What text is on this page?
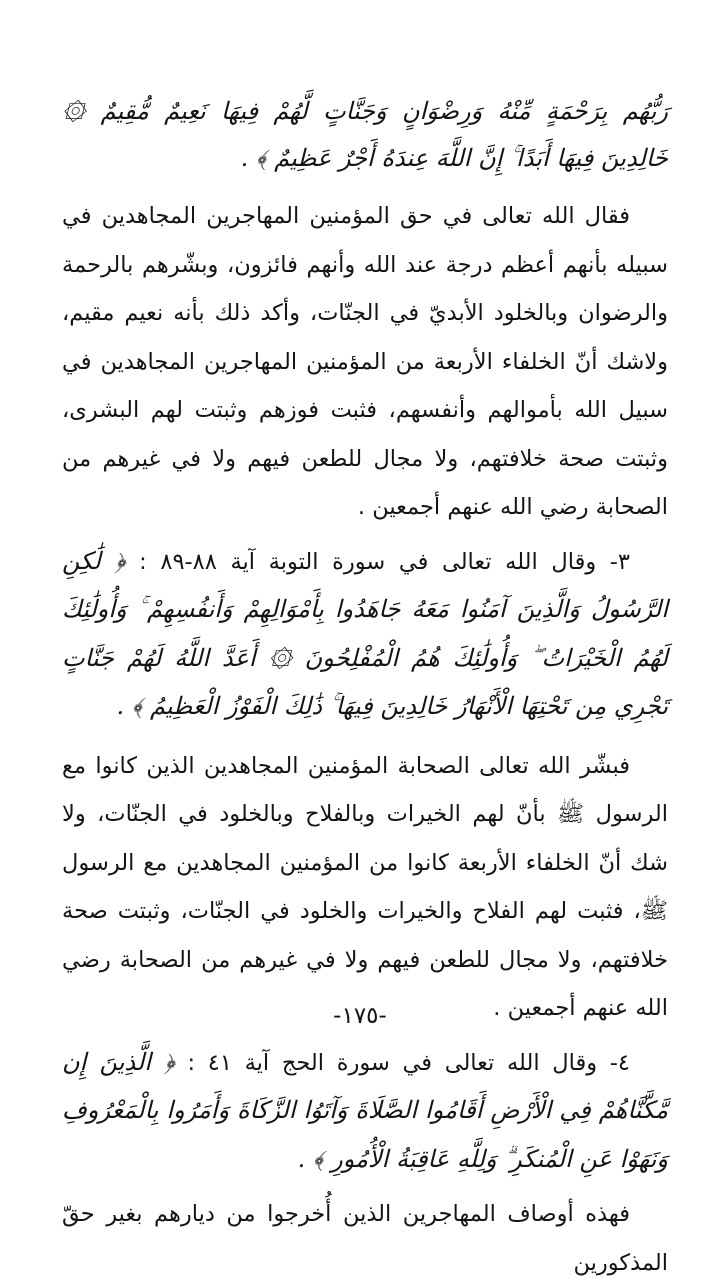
رَبُّهُم بِرَحْمَةٍ مِّنْهُ وَرِضْوَانٍ وَجَنَّاتٍ لَّهُمْ فِيهَا نَعِيمٌ مُّقِيمٌ ۞ خَالِدِينَ فِيهَا أَبَدًا ۚ إِنَّ اللَّهَ عِندَهُ أَجْرٌ عَظِيمٌ ﴾ .

فقال الله تعالى في حق المؤمنين المهاجرين المجاهدين في سبيله بأنهم أعظم درجة عند الله وأنهم فائزون، وبشّرهم بالرحمة والرضوان وبالخلود الأبديّ في الجنّات، وأكد ذلك بأنه نعيم مقيم، ولاشك أنّ الخلفاء الأربعة من المؤمنين المهاجرين المجاهدين في سبيل الله بأموالهم وأنفسهم، فثبت فوزهم وثبتت لهم البشرى، وثبتت صحة خلافتهم، ولا مجال للطعن فيهم ولا في غيرهم من الصحابة رضي الله عنهم أجمعين .

٣- وقال الله تعالى في سورة التوبة آية ٨٨-٨٩ : ﴿ لَٰكِنِ الرَّسُولُ وَالَّذِينَ آمَنُوا مَعَهُ جَاهَدُوا بِأَمْوَالِهِمْ وَأَنفُسِهِمْ ۚ وَأُولَٰئِكَ لَهُمُ الْخَيْرَاتُ ۖ وَأُولَٰئِكَ هُمُ الْمُفْلِحُونَ ۞ أَعَدَّ اللَّهُ لَهُمْ جَنَّاتٍ تَجْرِي مِن تَحْتِهَا الْأَنْهَارُ خَالِدِينَ فِيهَا ۚ ذَٰلِكَ الْفَوْزُ الْعَظِيمُ ﴾ .

فبشّر الله تعالى الصحابة المؤمنين المجاهدين الذين كانوا مع الرسول ﷺ بأنّ لهم الخيرات وبالفلاح وبالخلود في الجنّات، ولا شك أنّ الخلفاء الأربعة كانوا من المؤمنين المجاهدين مع الرسول ﷺ، فثبت لهم الفلاح والخيرات والخلود في الجنّات، وثبتت صحة خلافتهم، ولا مجال للطعن فيهم ولا في غيرهم من الصحابة رضي الله عنهم أجمعين .

٤- وقال الله تعالى في سورة الحج آية ٤١ : ﴿ الَّذِينَ إِن مَّكَّنَّاهُمْ فِي الْأَرْضِ أَقَامُوا الصَّلَاةَ وَآتَوُا الزَّكَاةَ وَأَمَرُوا بِالْمَعْرُوفِ وَنَهَوْا عَنِ الْمُنكَرِ ۗ وَلِلَّهِ عَاقِبَةُ الْأُمُورِ ﴾ .

فهذه أوصاف المهاجرين الذين أُخرجوا من ديارهم بغير حقّ المذكورين

-١٧٥-
